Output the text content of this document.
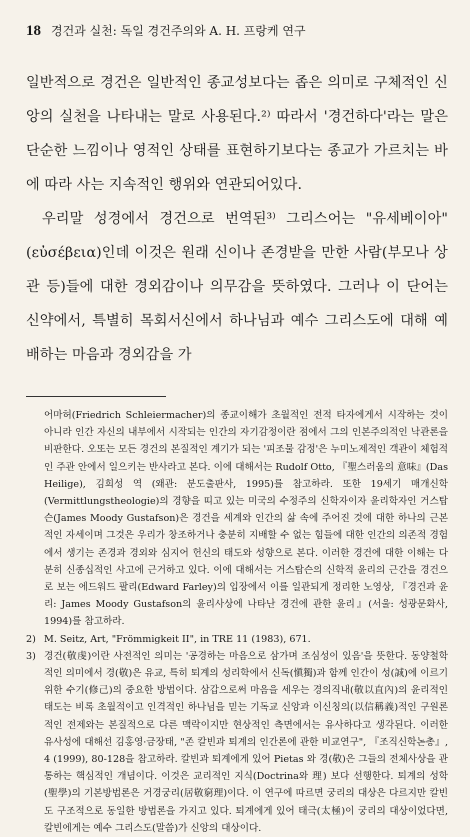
18 경건과 실천: 독일 경건주의와 A. H. 프랑케 연구

일반적으로 경건은 일반적인 종교성보다는 좁은 의미로 구체적인 신앙의 실천을 나타내는 말로 사용된다.²⁾ 따라서 '경건하다'라는 말은 단순한 느낌이나 영적인 상태를 표현하기보다는 종교가 가르치는 바에 따라 사는 지속적인 행위와 연관되어있다.

우리말 성경에서 경건으로 번역된³⁾ 그리스어는 "유세베이아"(εὐσέβεια)인데 이것은 원래 신이나 존경받을 만한 사람(부모나 상관 등)들에 대한 경외감이나 의무감을 뜻하였다. 그러나 이 단어는 신약에서, 특별히 목회서신에서 하나님과 예수 그리스도에 대해 예배하는 마음과 경외감을 가

어마허(Friedrich Schleiermacher)의 종교이해가 초월적인 전적 타자에게서 시작하는 것이 아니라 인간 자신의 내부에서 시작되는 인간의 자기감정이란 점에서 그의 인본주의적인 낙관론을 비판한다. 오또는 모든 경건의 본질적인 계기가 되는 '피조물 감정'은 누미노제적인 객관이 체험적인 주관 안에서 일으키는 반사라고 본다. 이에 대해서는 Rudolf Otto, 『聖스러움의 意味』(Das Heilige), 김희성 역 (왜관: 분도출판사, 1995)를 참고하라. 또한 19세기 매개신학(Vermittlungstheologie)의 경향을 띠고 있는 미국의 수정주의 신학자이자 윤리학자인 거스탑슨(James Moody Gustafson)은 경건을 세계와 인간의 삶 속에 주어진 것에 대한 하나의 근본적인 자세이며 그것은 우리가 창조하거나 충분히 지배할 수 없는 힘들에 대한 인간의 의존적 경험에서 생기는 존경과 경외와 심지어 헌신의 태도와 성향으로 본다. 이러한 경건에 대한 이해는 다분히 신종십적인 사고에 근거하고 있다. 이에 대해서는 거스탑슨의 신학적 윤리의 근간을 경건으로 보는 에드워드 팔리(Edward Farley)의 입장에서 이를 일관되게 정리한 노영상, 『경건과 윤리: James Moody Gustafson의 윤리사상에 나타난 경건에 관한 윤리』(서울: 성광문화사, 1994)를 참고하라.
2) M. Seitz, Art, "Frömmigkeit II", in TRE 11 (1983), 671.
3) 경건(敬虔)이란 사전적인 의미는 '공경하는 마음으로 삼가며 조심성이 있음'을 뜻한다. 동양철학적인 의미에서 경(敬)은 유교, 특히 퇴계의 성리학에서 신독(愼獨)과 함께 인간이 성(誠)에 이르기 위한 수기(修己)의 중요한 방법이다. 삼갑으로써 마음을 세우는 경의직내(敬以直內)의 윤리적인 태도는 비록 초월적이고 인격적인 하나님을 믿는 기독교 신앙과 이신칭의(以信稱義)적인 구원론적인 전제와는 본질적으로 다른 맥락이지만 현상적인 측면에서는 유사하다고 생각된다. 이러한 유사성에 대해선 김홍영·금장태, "존 칼빈과 퇴계의 인간론에 관한 비교연구", 『조직신학논총』, 4 (1999), 80-128을 참고하라. 칼빈과 퇴계에게 있어 Pietas 와 경(敬)은 그들의 전체사상을 관통하는 핵심적인 개념이다. 이것은 교리적인 지식(Doctrina와 理) 보다 선행한다. 퇴계의 성학(聖學)의 기본방법론은 거경궁리(居敬窮理)이다. 이 연구에 따르면 궁리의 대상은 다르지만 칼빈도 구조적으로 동일한 방법론을 가지고 있다. 퇴계에게 있어 태극(太極)이 궁리의 대상이었다면, 칼빈에게는 예수 그리스도(말씀)가 신앙의 대상이다.
